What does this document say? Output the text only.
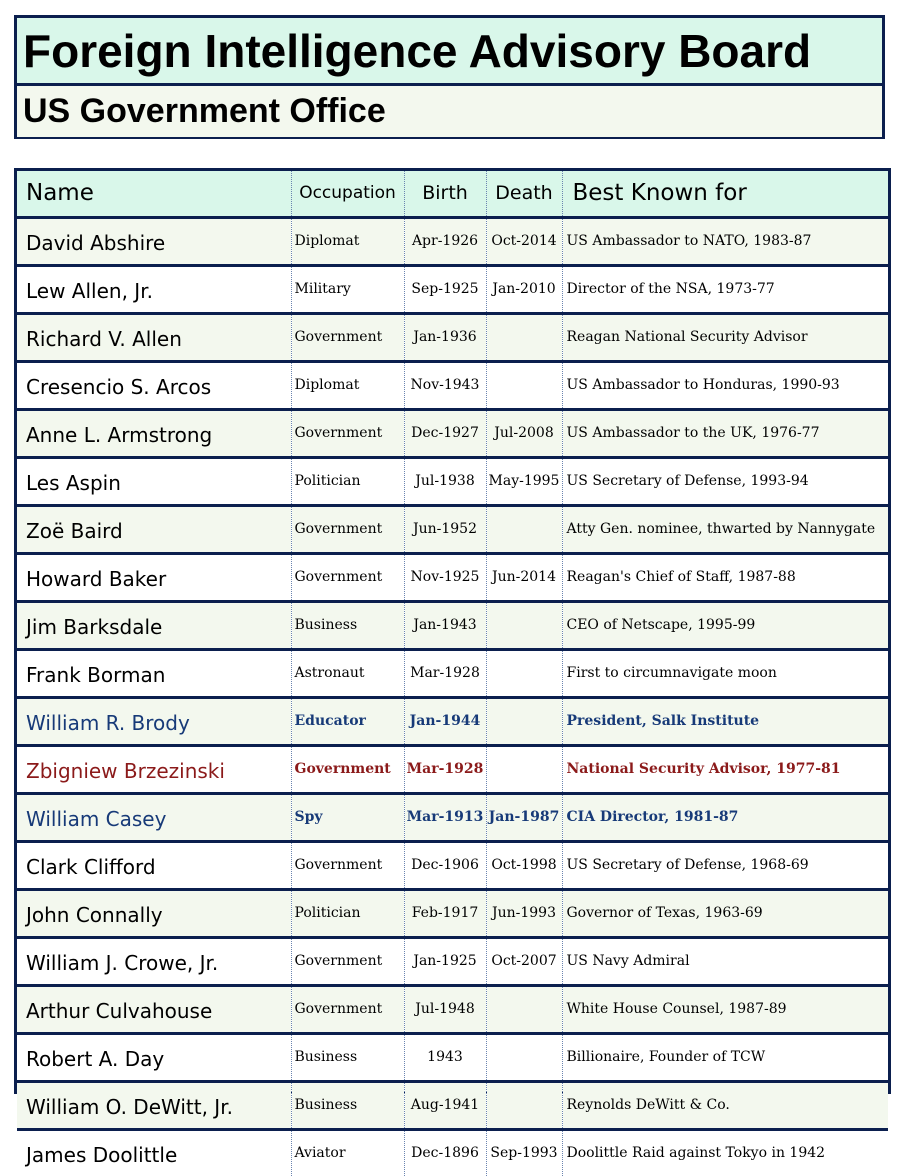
Foreign Intelligence Advisory Board
US Government Office
Name	Occupation	Birth	Death	Best Known for
David Abshire	Diplomat	Apr-1926	Oct-2014	US Ambassador to NATO, 1983-87
Lew Allen, Jr.	Military	Sep-1925	Jan-2010	Director of the NSA, 1973-77
Richard V. Allen	Government	Jan-1936		Reagan National Security Advisor
Cresencio S. Arcos	Diplomat	Nov-1943		US Ambassador to Honduras, 1990-93
Anne L. Armstrong	Government	Dec-1927	Jul-2008	US Ambassador to the UK, 1976-77
Les Aspin	Politician	Jul-1938	May-1995	US Secretary of Defense, 1993-94
Zoë Baird	Government	Jun-1952		Atty Gen. nominee, thwarted by Nannygate
Howard Baker	Government	Nov-1925	Jun-2014	Reagan's Chief of Staff, 1987-88
Jim Barksdale	Business	Jan-1943		CEO of Netscape, 1995-99
Frank Borman	Astronaut	Mar-1928		First to circumnavigate moon
William R. Brody	Educator	Jan-1944		President, Salk Institute
Zbigniew Brzezinski	Government	Mar-1928		National Security Advisor, 1977-81
William Casey	Spy	Mar-1913	Jan-1987	CIA Director, 1981-87
Clark Clifford	Government	Dec-1906	Oct-1998	US Secretary of Defense, 1968-69
John Connally	Politician	Feb-1917	Jun-1993	Governor of Texas, 1963-69
William J. Crowe, Jr.	Government	Jan-1925	Oct-2007	US Navy Admiral
Arthur Culvahouse	Government	Jul-1948		White House Counsel, 1987-89
Robert A. Day	Business	1943		Billionaire, Founder of TCW
William O. DeWitt, Jr.	Business	Aug-1941		Reynolds DeWitt & Co.
James Doolittle	Aviator	Dec-1896	Sep-1993	Doolittle Raid against Tokyo in 1942
